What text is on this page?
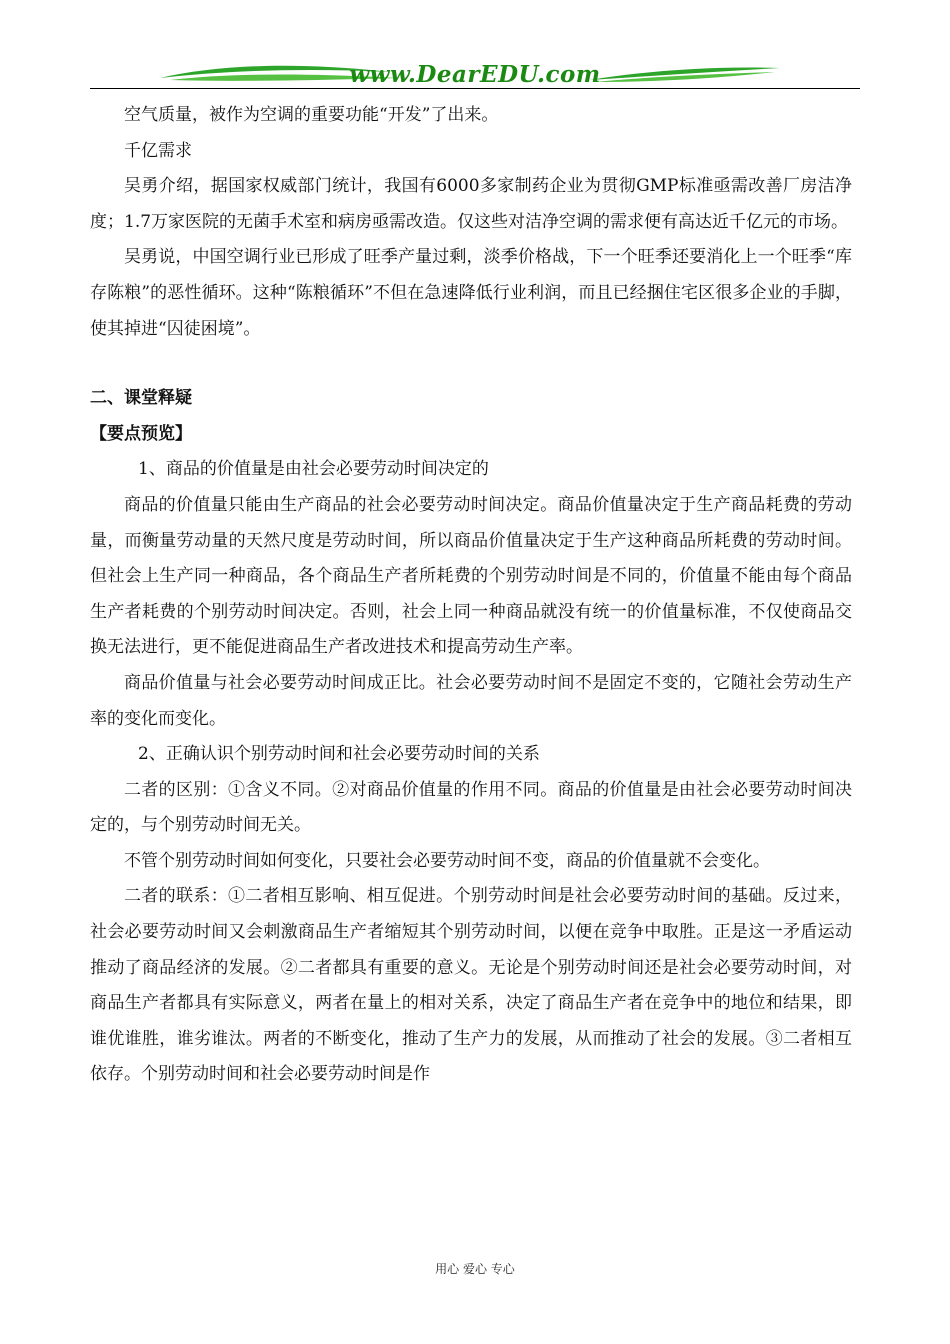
www.DearEDU.com

空气质量，被作为空调的重要功能“开发”了出来。

千亿需求

吴勇介绍，据国家权威部门统计，我国有6000多家制药企业为贯彻GMP标准亟需改善厂房洁净度；1.7万家医院的无菌手术室和病房亟需改造。仅这些对洁净空调的需求便有高达近千亿元的市场。

吴勇说，中国空调行业已形成了旺季产量过剩，淡季价格战，下一个旺季还要消化上一个旺季“库存陈粮”的恶性循环。这种“陈粮循环”不但在急速降低行业利润，而且已经捆住宅区很多企业的手脚，使其掉进“囚徒困境”。

二、课堂释疑
【要点预览】

1、商品的价值量是由社会必要劳动时间决定的

商品的价值量只能由生产商品的社会必要劳动时间决定。商品价值量决定于生产商品耗费的劳动量，而衡量劳动量的天然尺度是劳动时间，所以商品价值量决定于生产这种商品所耗费的劳动时间。但社会上生产同一种商品，各个商品生产者所耗费的个别劳动时间是不同的，价值量不能由每个商品生产者耗费的个别劳动时间决定。否则，社会上同一种商品就没有统一的价值量标准，不仅使商品交换无法进行，更不能促进商品生产者改进技术和提高劳动生产率。

商品价值量与社会必要劳动时间成正比。社会必要劳动时间不是固定不变的，它随社会劳动生产率的变化而变化。

2、正确认识个别劳动时间和社会必要劳动时间的关系

二者的区别：①含义不同。②对商品价值量的作用不同。商品的价值量是由社会必要劳动时间决定的，与个别劳动时间无关。

不管个别劳动时间如何变化，只要社会必要劳动时间不变，商品的价值量就不会变化。

二者的联系：①二者相互影响、相互促进。个别劳动时间是社会必要劳动时间的基础。反过来，社会必要劳动时间又会刺激商品生产者缩短其个别劳动时间，以便在竞争中取胜。正是这一矛盾运动推动了商品经济的发展。②二者都具有重要的意义。无论是个别劳动时间还是社会必要劳动时间，对商品生产者都具有实际意义，两者在量上的相对关系，决定了商品生产者在竞争中的地位和结果，即谁优谁胜，谁劣谁汰。两者的不断变化，推动了生产力的发展，从而推动了社会的发展。③二者相互依存。个别劳动时间和社会必要劳动时间是作

用心 爱心 专心
